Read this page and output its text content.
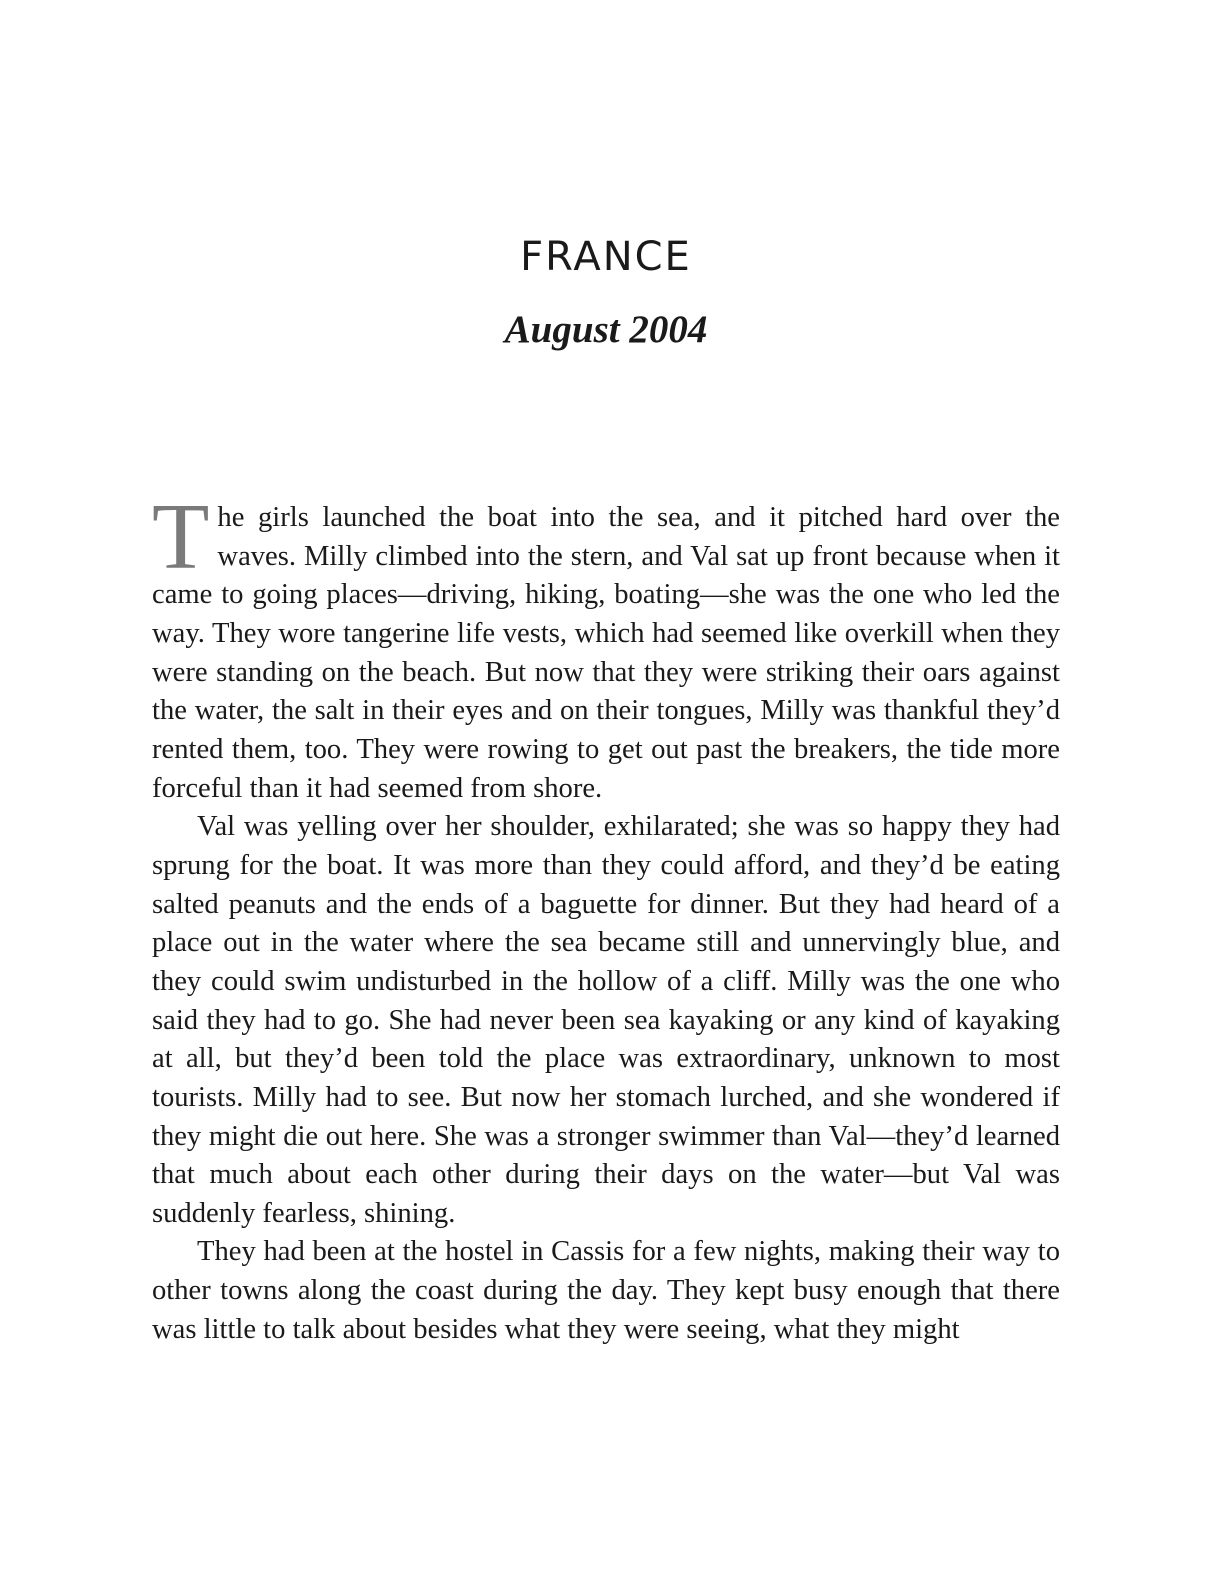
FRANCE
August 2004

The girls launched the boat into the sea, and it pitched hard over the waves. Milly climbed into the stern, and Val sat up front because when it came to going places—driving, hiking, boating—she was the one who led the way. They wore tangerine life vests, which had seemed like overkill when they were standing on the beach. But now that they were striking their oars against the water, the salt in their eyes and on their tongues, Milly was thankful they’d rented them, too. They were rowing to get out past the breakers, the tide more forceful than it had seemed from shore.

Val was yelling over her shoulder, exhilarated; she was so happy they had sprung for the boat. It was more than they could afford, and they’d be eating salted peanuts and the ends of a baguette for dinner. But they had heard of a place out in the water where the sea became still and unnervingly blue, and they could swim undisturbed in the hollow of a cliff. Milly was the one who said they had to go. She had never been sea kayaking or any kind of kayaking at all, but they’d been told the place was extraordinary, unknown to most tourists. Milly had to see. But now her stomach lurched, and she wondered if they might die out here. She was a stronger swimmer than Val—they’d learned that much about each other during their days on the water—but Val was suddenly fearless, shining.

They had been at the hostel in Cassis for a few nights, making their way to other towns along the coast during the day. They kept busy enough that there was little to talk about besides what they were seeing, what they might
